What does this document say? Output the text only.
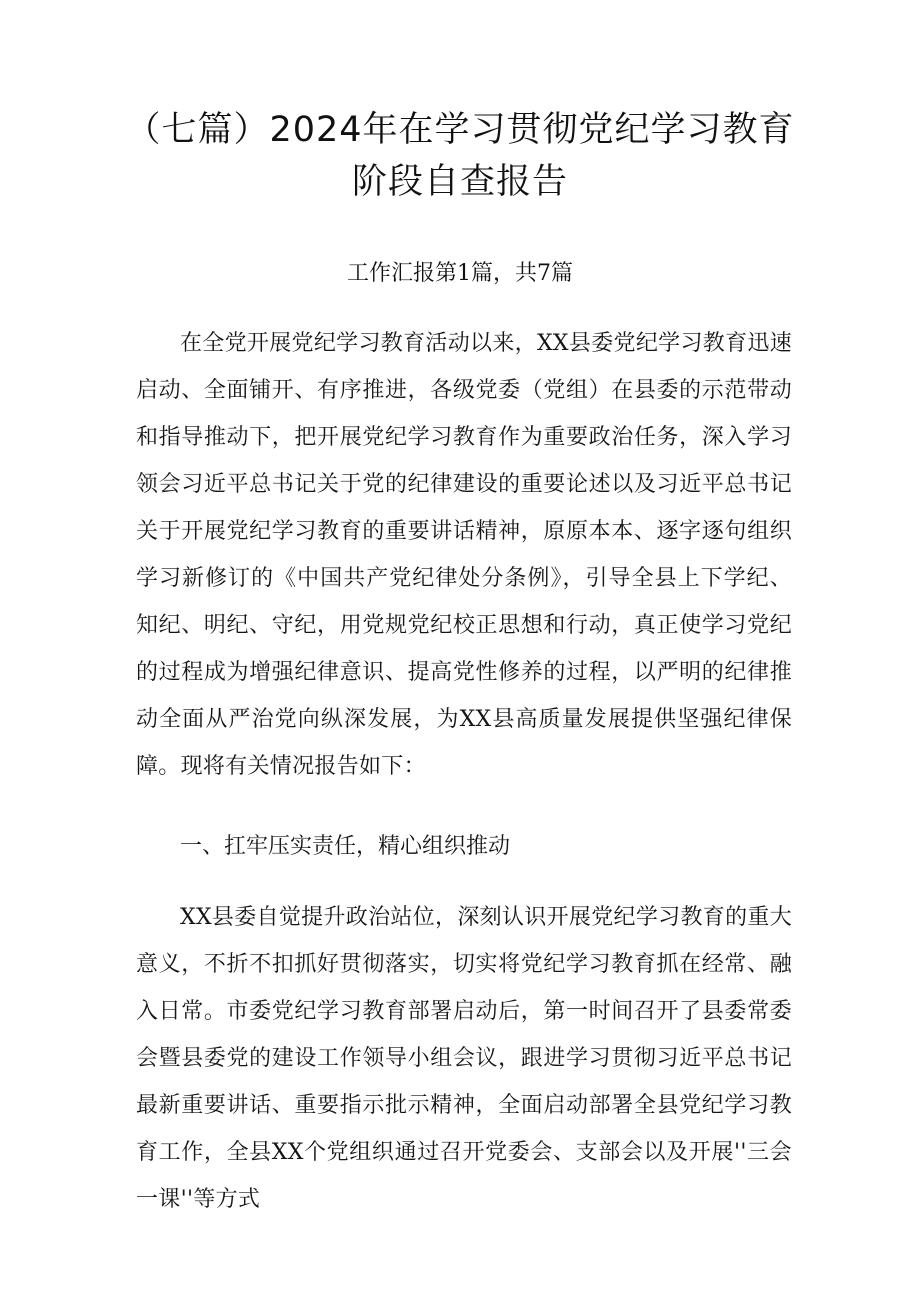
（七篇）2024年在学习贯彻党纪学习教育
阶段自查报告
工作汇报第1篇，共7篇

在全党开展党纪学习教育活动以来，XX县委党纪学习教育迅速启动、全面铺开、有序推进，各级党委（党组）在县委的示范带动和指导推动下，把开展党纪学习教育作为重要政治任务，深入学习领会习近平总书记关于党的纪律建设的重要论述以及习近平总书记关于开展党纪学习教育的重要讲话精神，原原本本、逐字逐句组织学习新修订的《中国共产党纪律处分条例》，引导全县上下学纪、知纪、明纪、守纪，用党规党纪校正思想和行动，真正使学习党纪的过程成为增强纪律意识、提高党性修养的过程，以严明的纪律推动全面从严治党向纵深发展，为XX县高质量发展提供坚强纪律保障。现将有关情况报告如下：

一、扛牢压实责任，精心组织推动

XX县委自觉提升政治站位，深刻认识开展党纪学习教育的重大意义，不折不扣抓好贯彻落实，切实将党纪学习教育抓在经常、融入日常。市委党纪学习教育部署启动后，第一时间召开了县委常委会暨县委党的建设工作领导小组会议，跟进学习贯彻习近平总书记最新重要讲话、重要指示批示精神，全面启动部署全县党纪学习教育工作，全县XX个党组织通过召开党委会、支部会以及开展''三会一课''等方式
